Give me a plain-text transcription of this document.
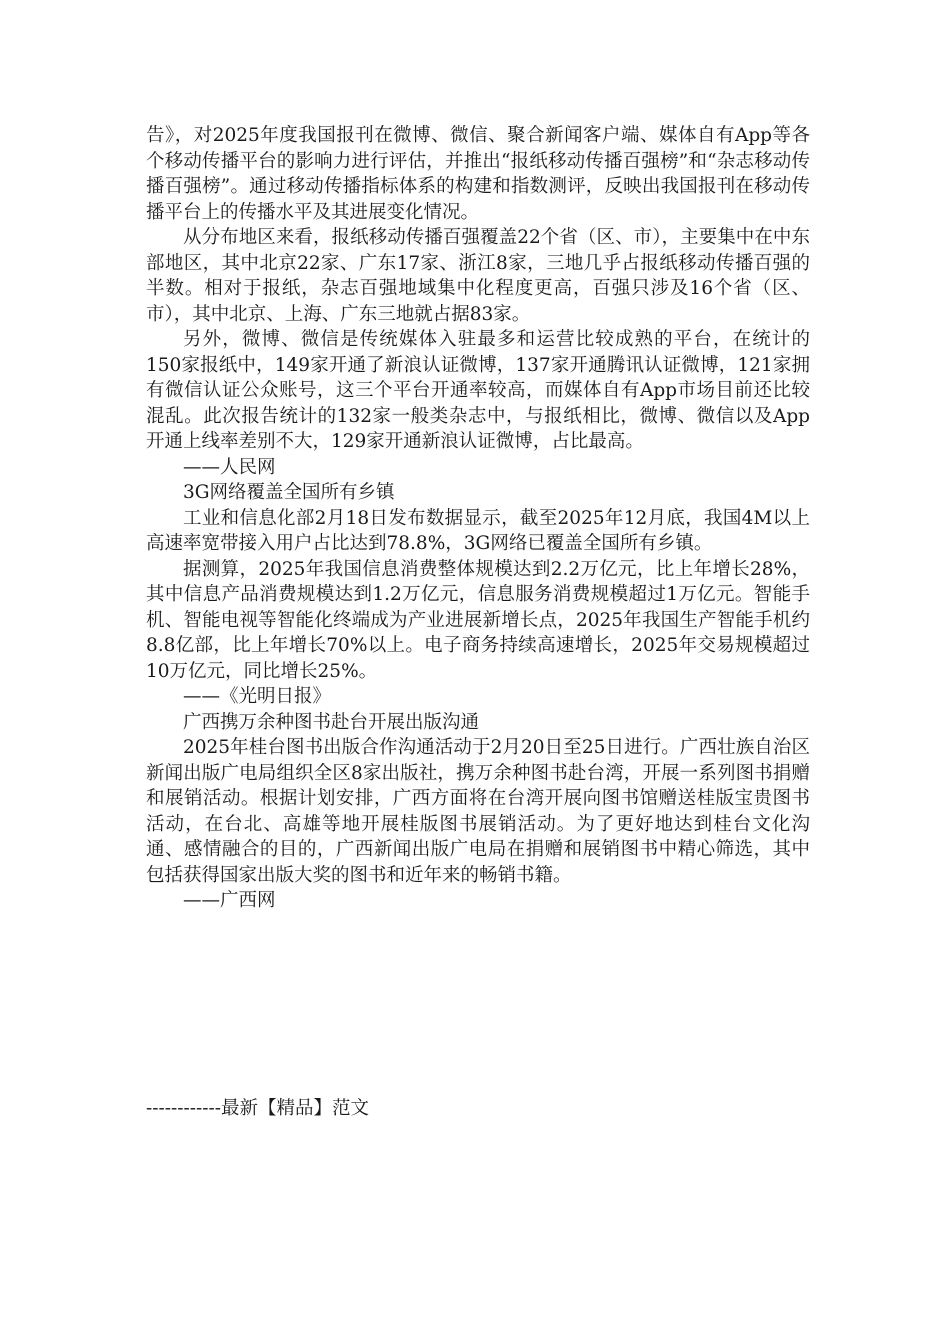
告》，对2025年度我国报刊在微博、微信、聚合新闻客户端、媒体自有App等各个移动传播平台的影响力进行评估，并推出“报纸移动传播百强榜”和“杂志移动传播百强榜”。通过移动传播指标体系的构建和指数测评，反映出我国报刊在移动传播平台上的传播水平及其进展变化情况。

从分布地区来看，报纸移动传播百强覆盖22个省（区、市），主要集中在中东部地区，其中北京22家、广东17家、浙江8家，三地几乎占报纸移动传播百强的半数。相对于报纸，杂志百强地域集中化程度更高，百强只涉及16个省（区、市），其中北京、上海、广东三地就占据83家。

另外，微博、微信是传统媒体入驻最多和运营比较成熟的平台，在统计的150家报纸中，149家开通了新浪认证微博，137家开通腾讯认证微博，121家拥有微信认证公众账号，这三个平台开通率较高，而媒体自有App市场目前还比较混乱。此次报告统计的132家一般类杂志中，与报纸相比，微博、微信以及App开通上线率差别不大，129家开通新浪认证微博，占比最高。

——人民网

3G网络覆盖全国所有乡镇

工业和信息化部2月18日发布数据显示，截至2025年12月底，我国4M以上高速率宽带接入用户占比达到78.8%，3G网络已覆盖全国所有乡镇。

据测算，2025年我国信息消费整体规模达到2.2万亿元，比上年增长28%，其中信息产品消费规模达到1.2万亿元，信息服务消费规模超过1万亿元。智能手机、智能电视等智能化终端成为产业进展新增长点，2025年我国生产智能手机约8.8亿部，比上年增长70%以上。电子商务持续高速增长，2025年交易规模超过10万亿元，同比增长25%。

——《光明日报》

广西携万余种图书赴台开展出版沟通

2025年桂台图书出版合作沟通活动于2月20日至25日进行。广西壮族自治区新闻出版广电局组织全区8家出版社，携万余种图书赴台湾，开展一系列图书捐赠和展销活动。根据计划安排，广西方面将在台湾开展向图书馆赠送桂版宝贵图书活动，在台北、高雄等地开展桂版图书展销活动。为了更好地达到桂台文化沟通、感情融合的目的，广西新闻出版广电局在捐赠和展销图书中精心筛选，其中包括获得国家出版大奖的图书和近年来的畅销书籍。

——广西网

------------最新【精品】范文
